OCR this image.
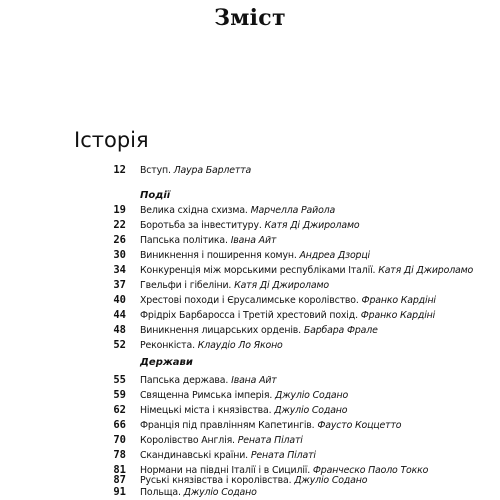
Зміст
Історія
12 Вступ. Лаура Барлетта
Події
19 Велика східна схизма. Марчелла Райола
22 Боротьба за інвеституру. Катя Ді Джироламо
26 Папська політика. Іванa Айт
30 Виникнення і поширення комун. Андреа Дзорці
34 Конкуренція між морськими республіками Італії. Катя Ді Джироламо
37 Гвельфи і гібеліни. Катя Ді Джироламо
40 Хрестові походи і Єрусалимське королівство. Франко Кардіні
44 Фрідріх Барбаросса і Третій хрестовий похід. Франко Кардіні
48 Виникнення лицарських орденів. Барбара Фрале
52 Реконкіста. Клаудіо Ло Яконо
Держави
55 Папська держава. Іванa Айт
59 Священна Римська імперія. Джуліо Содано
62 Німецькі міста і князівства. Джуліо Содано
66 Франція під правлінням Капетингів. Фаусто Коццетто
70 Королівство Англія. Рената Пілаті
78 Скандинавські країни. Рената Пілаті
81 Нормани на півдні Італії і в Сицилії. Франческо Паоло Токко
87 Руські князівства і королівства. Джуліо Содано
91 Польща. Джуліо Содано
